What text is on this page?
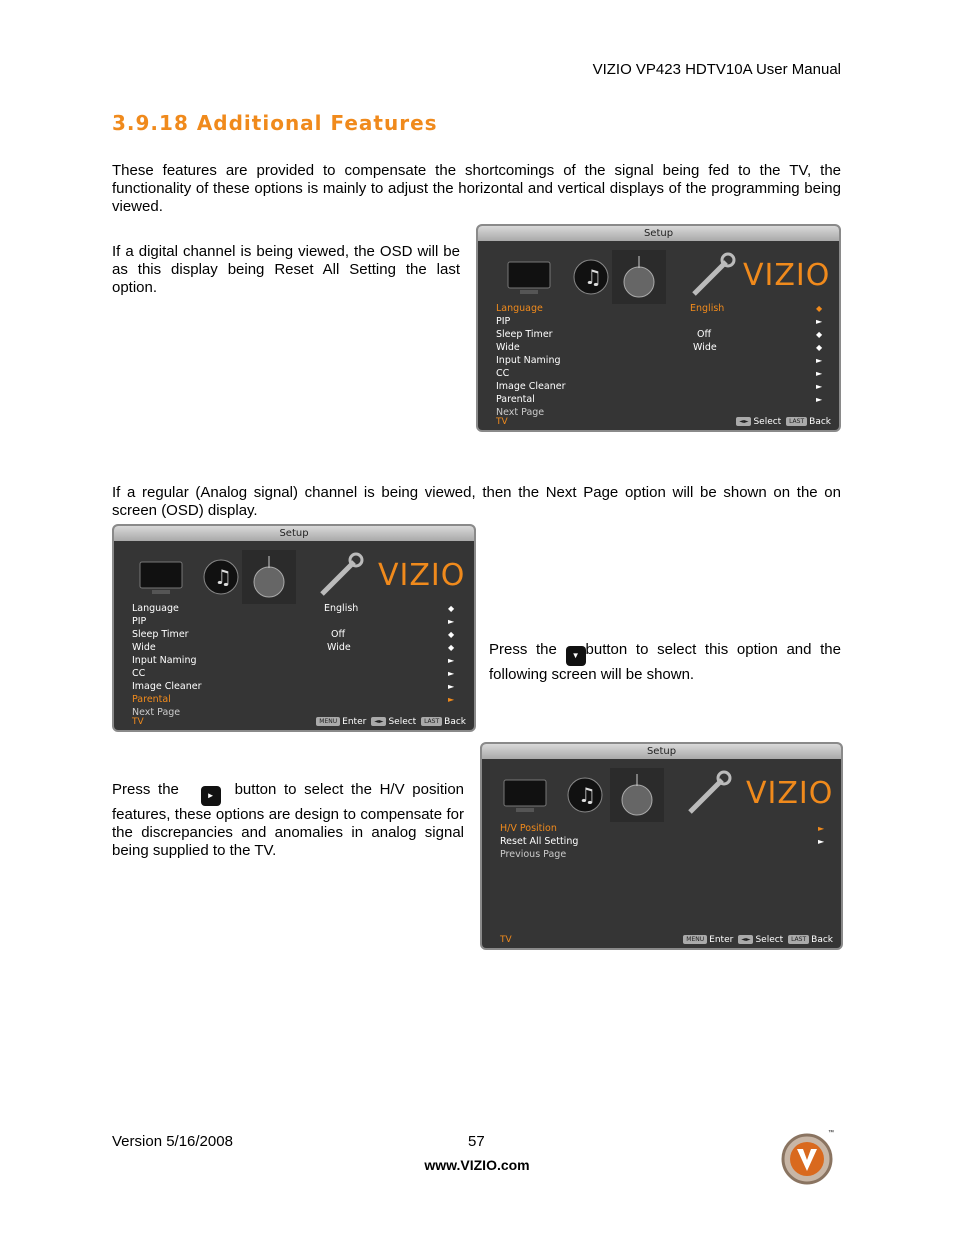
VIZIO VP423 HDTV10A User Manual
3.9.18 Additional Features
These features are provided to compensate the shortcomings of the signal being fed to the TV, the functionality of these options is mainly to adjust the horizontal and vertical displays of the programming being viewed.
If a digital channel is being viewed, the OSD will be as this display being Reset All Setting the last option.
Setup
♫	VIZIO
Language	English	◆
PIP	►
Sleep Timer	Off	◆
Wide	Wide	◆
Input Naming	►
CC	►
Image Cleaner	►
Parental	►
Next Page
TV	◄► Select LAST Back
If a regular (Analog signal) channel is being viewed, then the Next Page option will be shown on the on screen (OSD) display.
Setup
♫	VIZIO
Language	English	◆
PIP	►
Sleep Timer	Off	◆
Wide	Wide	◆
Input Naming	►
CC	►
Image Cleaner	►
Parental	►
Next Page
TV	MENU Enter ◄► Select LAST Back
Press the ▼ button to select this option and the following screen will be shown.
Setup
♫	VIZIO
H/V Position	►
Reset All Setting	►
Previous Page
TV	MENU Enter ◄► Select LAST Back
Press the	► button to select the H/V position features, these options are design to compensate for the discrepancies and anomalies in analog signal being supplied to the TV.
Version 5/16/2008	57
www.VIZIO.com
™
